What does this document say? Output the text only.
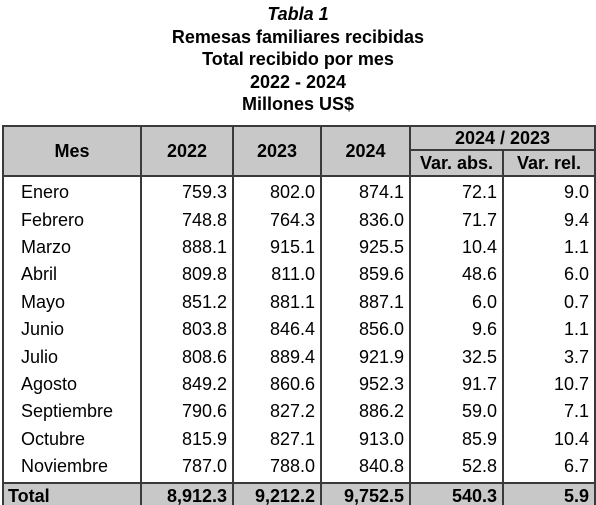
Tabla 1
Remesas familiares recibidas
Total recibido por mes
2022 - 2024
Millones US$
Mes	2022	2023	2024	2024 / 2023	
				Var. abs.	Var. rel.
Enero	759.3	802.0	874.1	72.1	9.0
Febrero	748.8	764.3	836.0	71.7	9.4
Marzo	888.1	915.1	925.5	10.4	1.1
Abril	809.8	811.0	859.6	48.6	6.0
Mayo	851.2	881.1	887.1	6.0	0.7
Junio	803.8	846.4	856.0	9.6	1.1
Julio	808.6	889.4	921.9	32.5	3.7
Agosto	849.2	860.6	952.3	91.7	10.7
Septiembre	790.6	827.2	886.2	59.0	7.1
Octubre	815.9	827.1	913.0	85.9	10.4
Noviembre	787.0	788.0	840.8	52.8	6.7
Total	8,912.3	9,212.2	9,752.5	540.3	5.9
